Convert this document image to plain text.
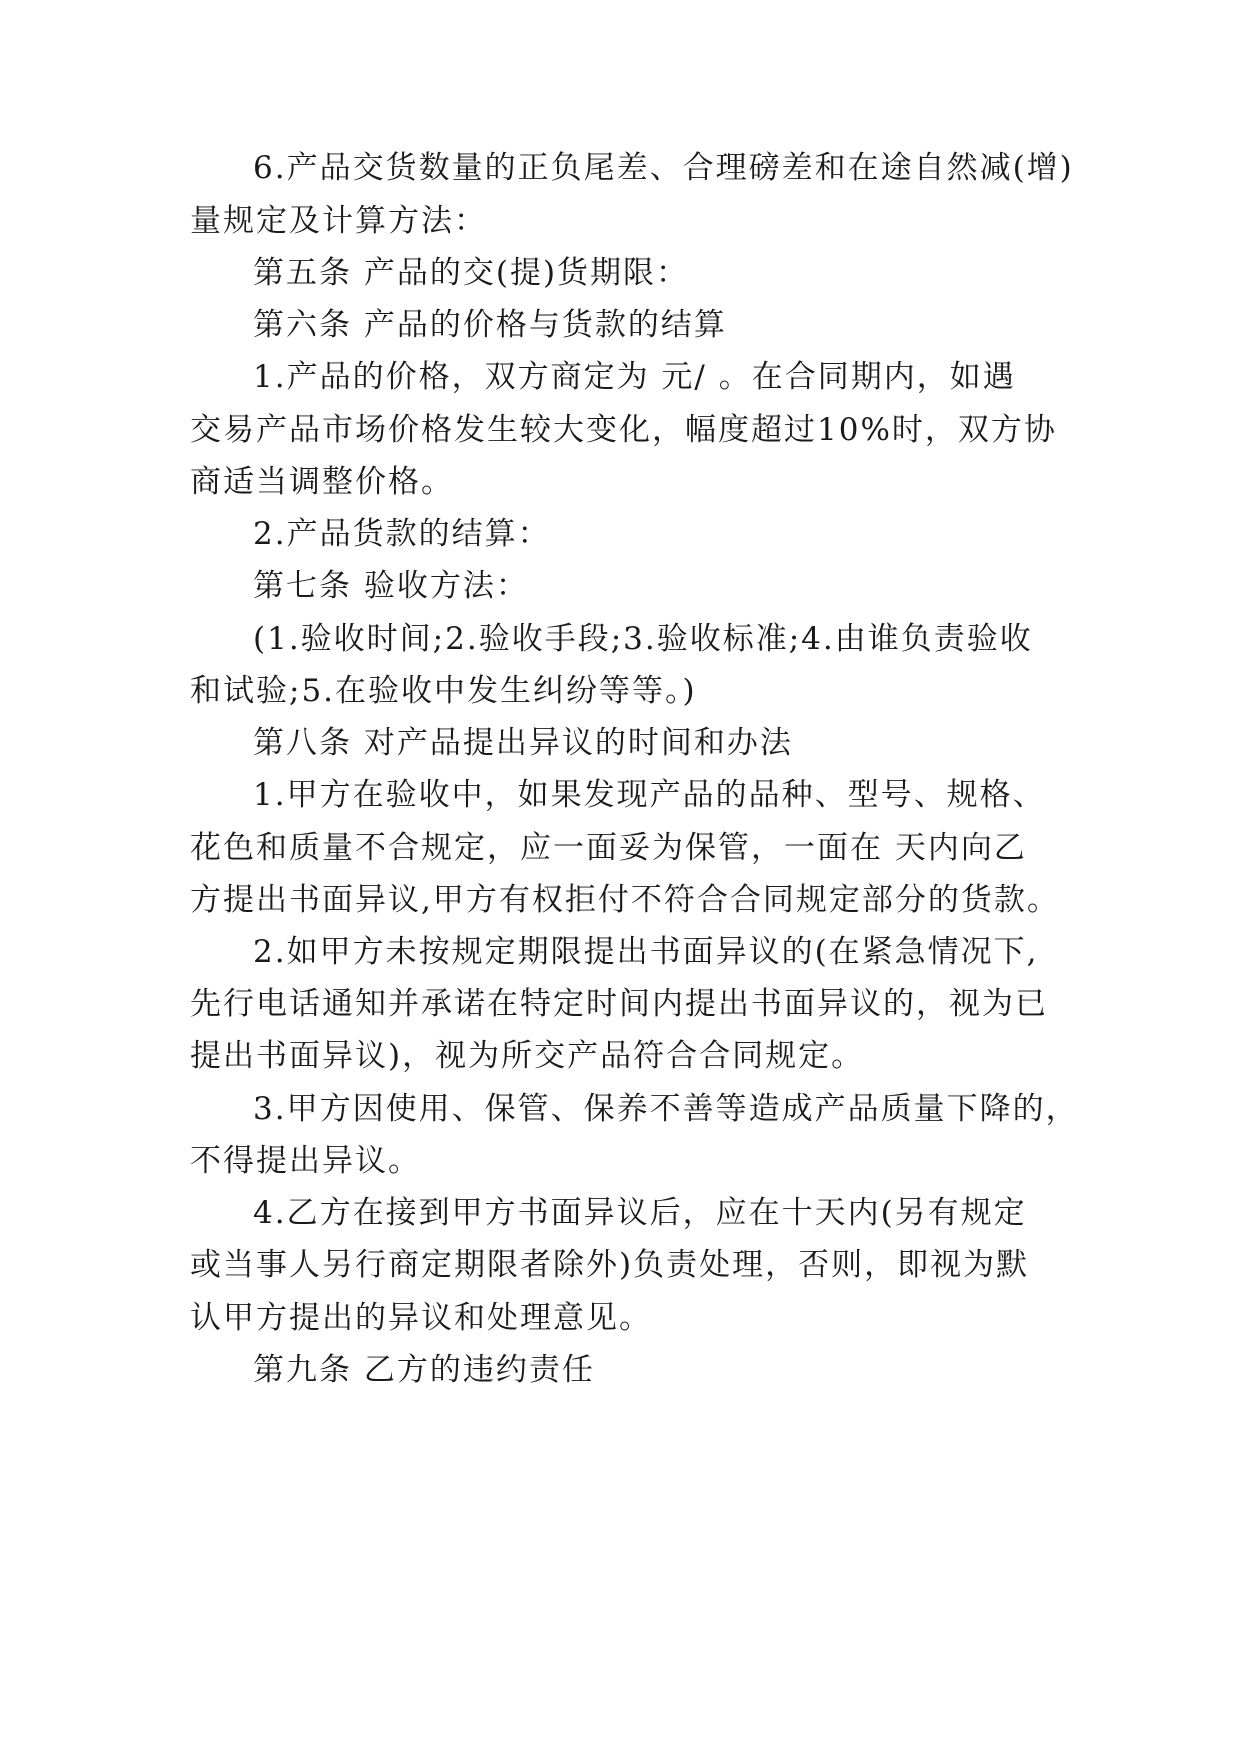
6.产品交货数量的正负尾差、合理磅差和在途自然减(增)
量规定及计算方法：
第五条 产品的交(提)货期限：
第六条 产品的价格与货款的结算
1.产品的价格，双方商定为 元/ 。在合同期内，如遇
交易产品市场价格发生较大变化，幅度超过10%时，双方协
商适当调整价格。
2.产品货款的结算：
第七条 验收方法：
(1.验收时间;2.验收手段;3.验收标准;4.由谁负责验收
和试验;5.在验收中发生纠纷等等。)
第八条 对产品提出异议的时间和办法
1.甲方在验收中，如果发现产品的品种、型号、规格、
花色和质量不合规定，应一面妥为保管，一面在 天内向乙
方提出书面异议,甲方有权拒付不符合合同规定部分的货款。
2.如甲方未按规定期限提出书面异议的(在紧急情况下,
先行电话通知并承诺在特定时间内提出书面异议的，视为已
提出书面异议)，视为所交产品符合合同规定。
3.甲方因使用、保管、保养不善等造成产品质量下降的，
不得提出异议。
4.乙方在接到甲方书面异议后，应在十天内(另有规定
或当事人另行商定期限者除外)负责处理，否则，即视为默
认甲方提出的异议和处理意见。
第九条 乙方的违约责任
